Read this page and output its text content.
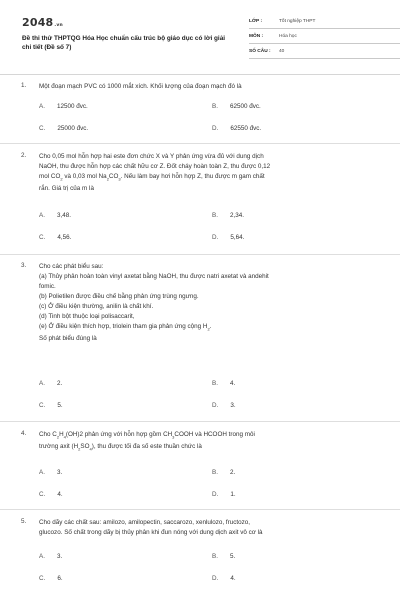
2048.vn
Đề thi thử THPTQG Hóa Học chuẩn cấu trúc bộ giáo dục có lời giải chi tiết (Đề số 7)
LỚP :	Tốt nghiệp THPT
MÔN :	Hóa học
SỐ CÂU : 40
1. Một đoạn mạch PVC có 1000 mắt xích. Khối lượng của đoạn mạch đó là
A. 12500 đvc.	B. 62500 đvc.
C. 25000 đvc.	D. 62550 đvc.
2. Cho 0,05 mol hỗn hợp hai este đơn chức X và Y phản ứng vừa đủ với dung dịch
NaOH, thu được hỗn hợp các chất hữu cơ Z. Đốt cháy hoàn toàn Z, thu được 0,12
mol $CO_2$ và 0,03 mol $Na_2CO_3$. Nếu làm bay hơi hỗn hợp Z, thu được m gam chất
rắn. Giá trị của m là
A. 3,48.	B. 2,34.
C. 4,56.	D. 5,64.
3. Cho các phát biểu sau:
(a) Thủy phân hoàn toàn vinyl axetat bằng NaOH, thu được natri axetat và andehit
fomic.
(b) Polietilen được điều chế bằng phản ứng trùng ngưng.
(c) Ở điều kiện thường, anilin là chất khí.
(d) Tinh bột thuộc loại polisaccarit,
(e) Ở điều kiện thích hợp, triolein tham gia phản ứng cộng $H_2$.
Số phát biểu đúng là
A. 2.	B. 4.
C. 5.	D. 3.
4. Cho $C_2H_4(OH)2$ phản ứng với hỗn hợp gồm $CH_3COOH$ và HCOOH trong môi
trường axit $(H_2SO_4)$, thu được tối đa số este thuần chức là
A. 3.	B. 2.
C. 4.	D. 1.
5. Cho dãy các chất sau: amilozo, amilopectin, saccarozo, xenlulozo, fructozo,
glucozo. Số chất trong dãy bị thủy phân khi đun nóng với dung dịch axit vô cơ là
A. 3.	B. 5.
C. 6.	D. 4.
